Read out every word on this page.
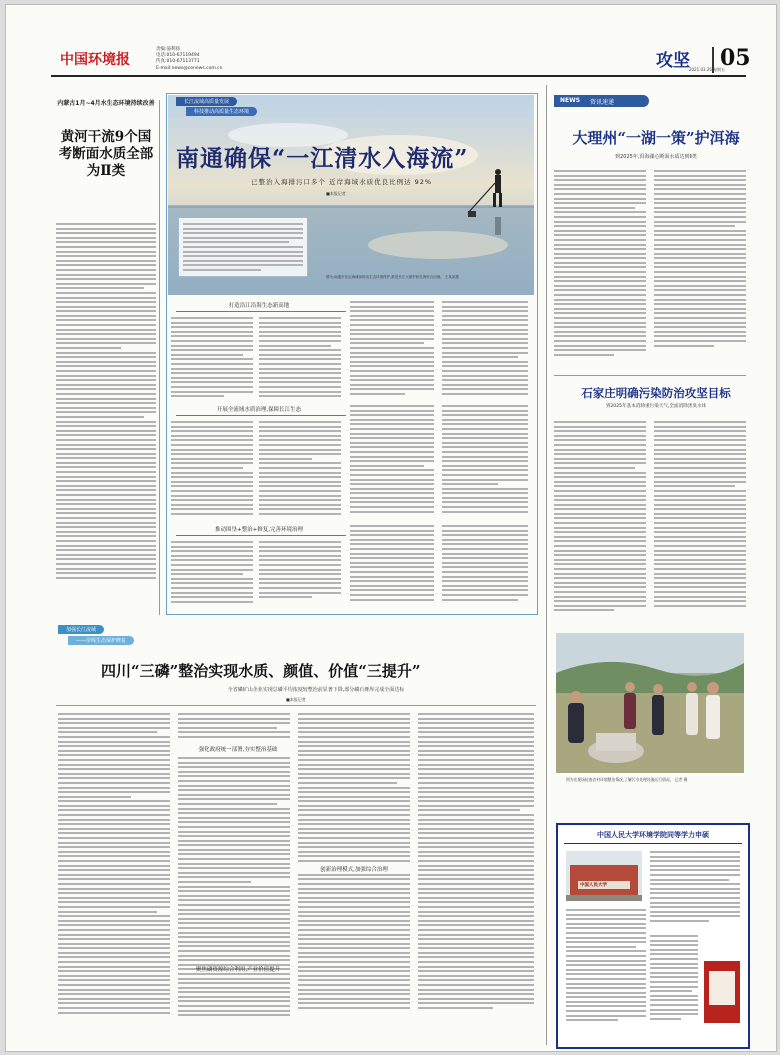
中国环境报
责编:晏利扬
电话:010-67119494
传真:010-67113771
E-mail:news@cenews.com.cn	攻坚 05
2021.03.26 星期五
内蒙古1月~4月水生态环境持续改善
黄河干流9个国考断面水质全部为Ⅱ类
长江流域高质量发展
科技推动高质量生态环境
南通确保“一江清水入海流”
已整治入海排污口多个 近岸海域水质优良比例达 92%
■本报记者
图为:南通市在沿海滩涂推动生态环境保护,推进长江大保护和近海综合治理。 王某某摄
打造沿江沿海生态新高地
开展全流域水质治理,保障长江生态
推动围垦+整治+修复,完善环境治理
加强长江流域
——岸线生态保护修复
四川“三磷”整治实现水质、颜值、价值“三提升”
全省磷矿山企业实现总磷平均浓度较整治前显著下降,部分磷石膏库完成全面达标
■本报记者
强化政府统一部署,夯实整治基础
聚焦磷资源综合利用,产业价值提升
创新治理模式,加强综合治理
NEWS 资讯速递
大理州“一湖一策”护洱海
到2025年,洱海湖心断面水质达到Ⅱ类
石家庄明确污染防治攻坚目标
到2025年基本消除重污染天气,全面消除黑臭水体
图为在现场检查农村环境整治情况,了解污水处理设施运行情况。 记者 摄
中国人民大学环境学院同等学力申硕
中国人民大学
